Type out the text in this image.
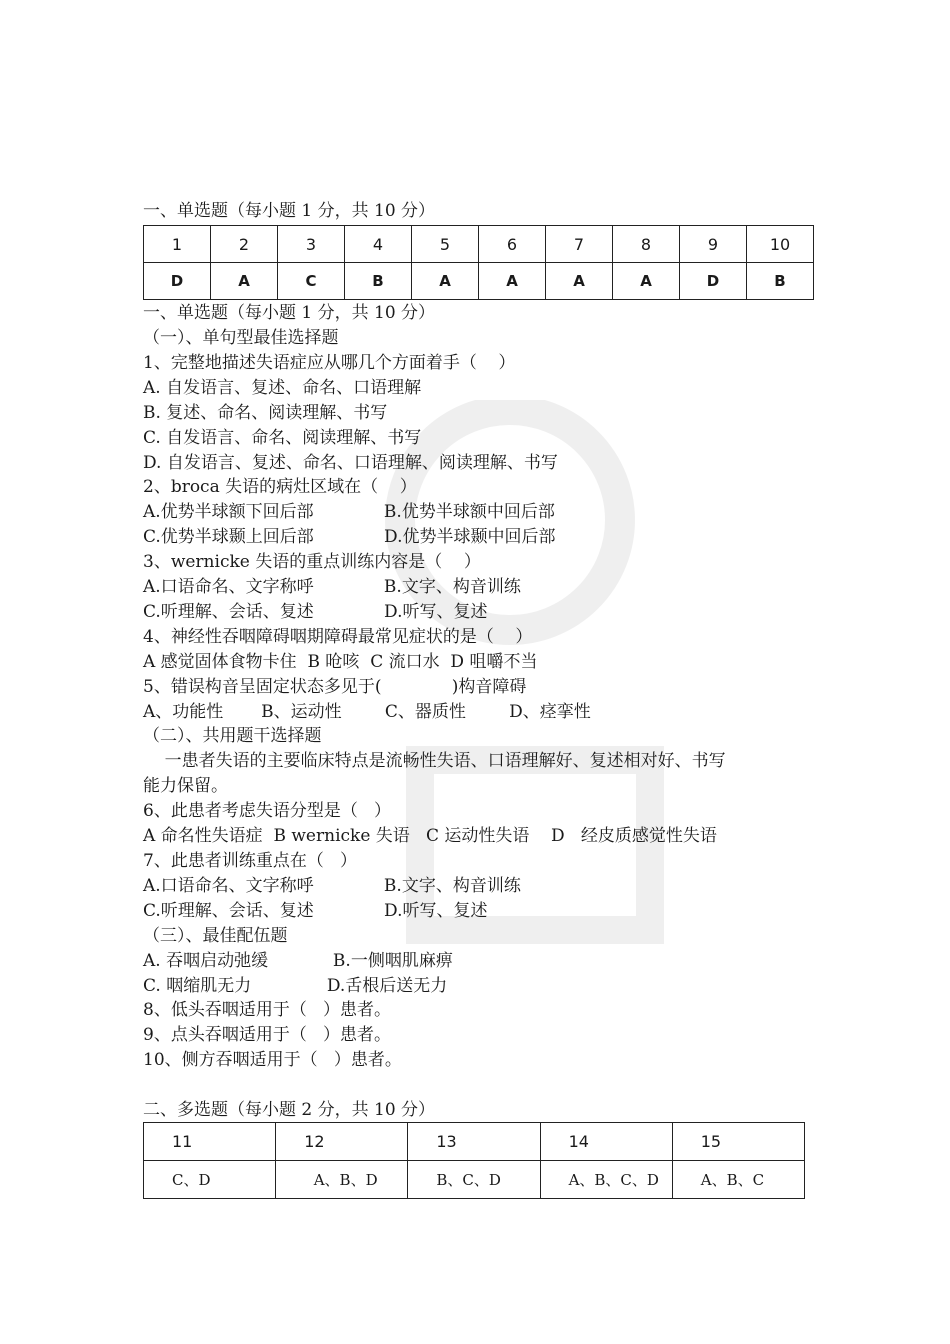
一、单选题（每小题 1 分，共 10 分）
1	2	3	4	5	6	7	8	9	10
D	A	C	B	A	A	A	A	D	B
一、单选题（每小题 1 分，共 10 分）
（一）、单句型最佳选择题
1、完整地描述失语症应从哪几个方面着手（    ）
A. 自发语言、复述、命名、口语理解
B. 复述、命名、阅读理解、书写
C. 自发语言、命名、阅读理解、书写
D. 自发语言、复述、命名、口语理解、阅读理解、书写
2、broca 失语的病灶区域在（    ）
A.优势半球额下回后部             B.优势半球额中回后部
C.优势半球颞上回后部             D.优势半球颞中回后部
3、wernicke 失语的重点训练内容是（    ）
A.口语命名、文字称呼             B.文字、构音训练
C.听理解、会话、复述             D.听写、复述
4、神经性吞咽障碍咽期障碍最常见症状的是（    ）
A 感觉固体食物卡住  B 呛咳  C 流口水  D 咀嚼不当
5、错误构音呈固定状态多见于(             )构音障碍
A、功能性       B、运动性        C、器质性        D、痉挛性
（二）、共用题干选择题
一患者失语的主要临床特点是流畅性失语、口语理解好、复述相对好、书写
能力保留。
6、此患者考虑失语分型是（   ）
A 命名性失语症  B wernicke 失语   C 运动性失语    D   经皮质感觉性失语
7、此患者训练重点在（   ）
A.口语命名、文字称呼             B.文字、构音训练
C.听理解、会话、复述             D.听写、复述
（三）、最佳配伍题
A. 吞咽启动弛缓            B.一侧咽肌麻痹
C. 咽缩肌无力              D.舌根后送无力
8、低头吞咽适用于（   ）患者。
9、点头吞咽适用于（   ）患者。
10、侧方吞咽适用于（   ）患者。
二、多选题（每小题 2 分，共 10 分）
11	12	13	14	15
C、D	A、B、D	B、C、D	A、B、C、D	A、B、C
